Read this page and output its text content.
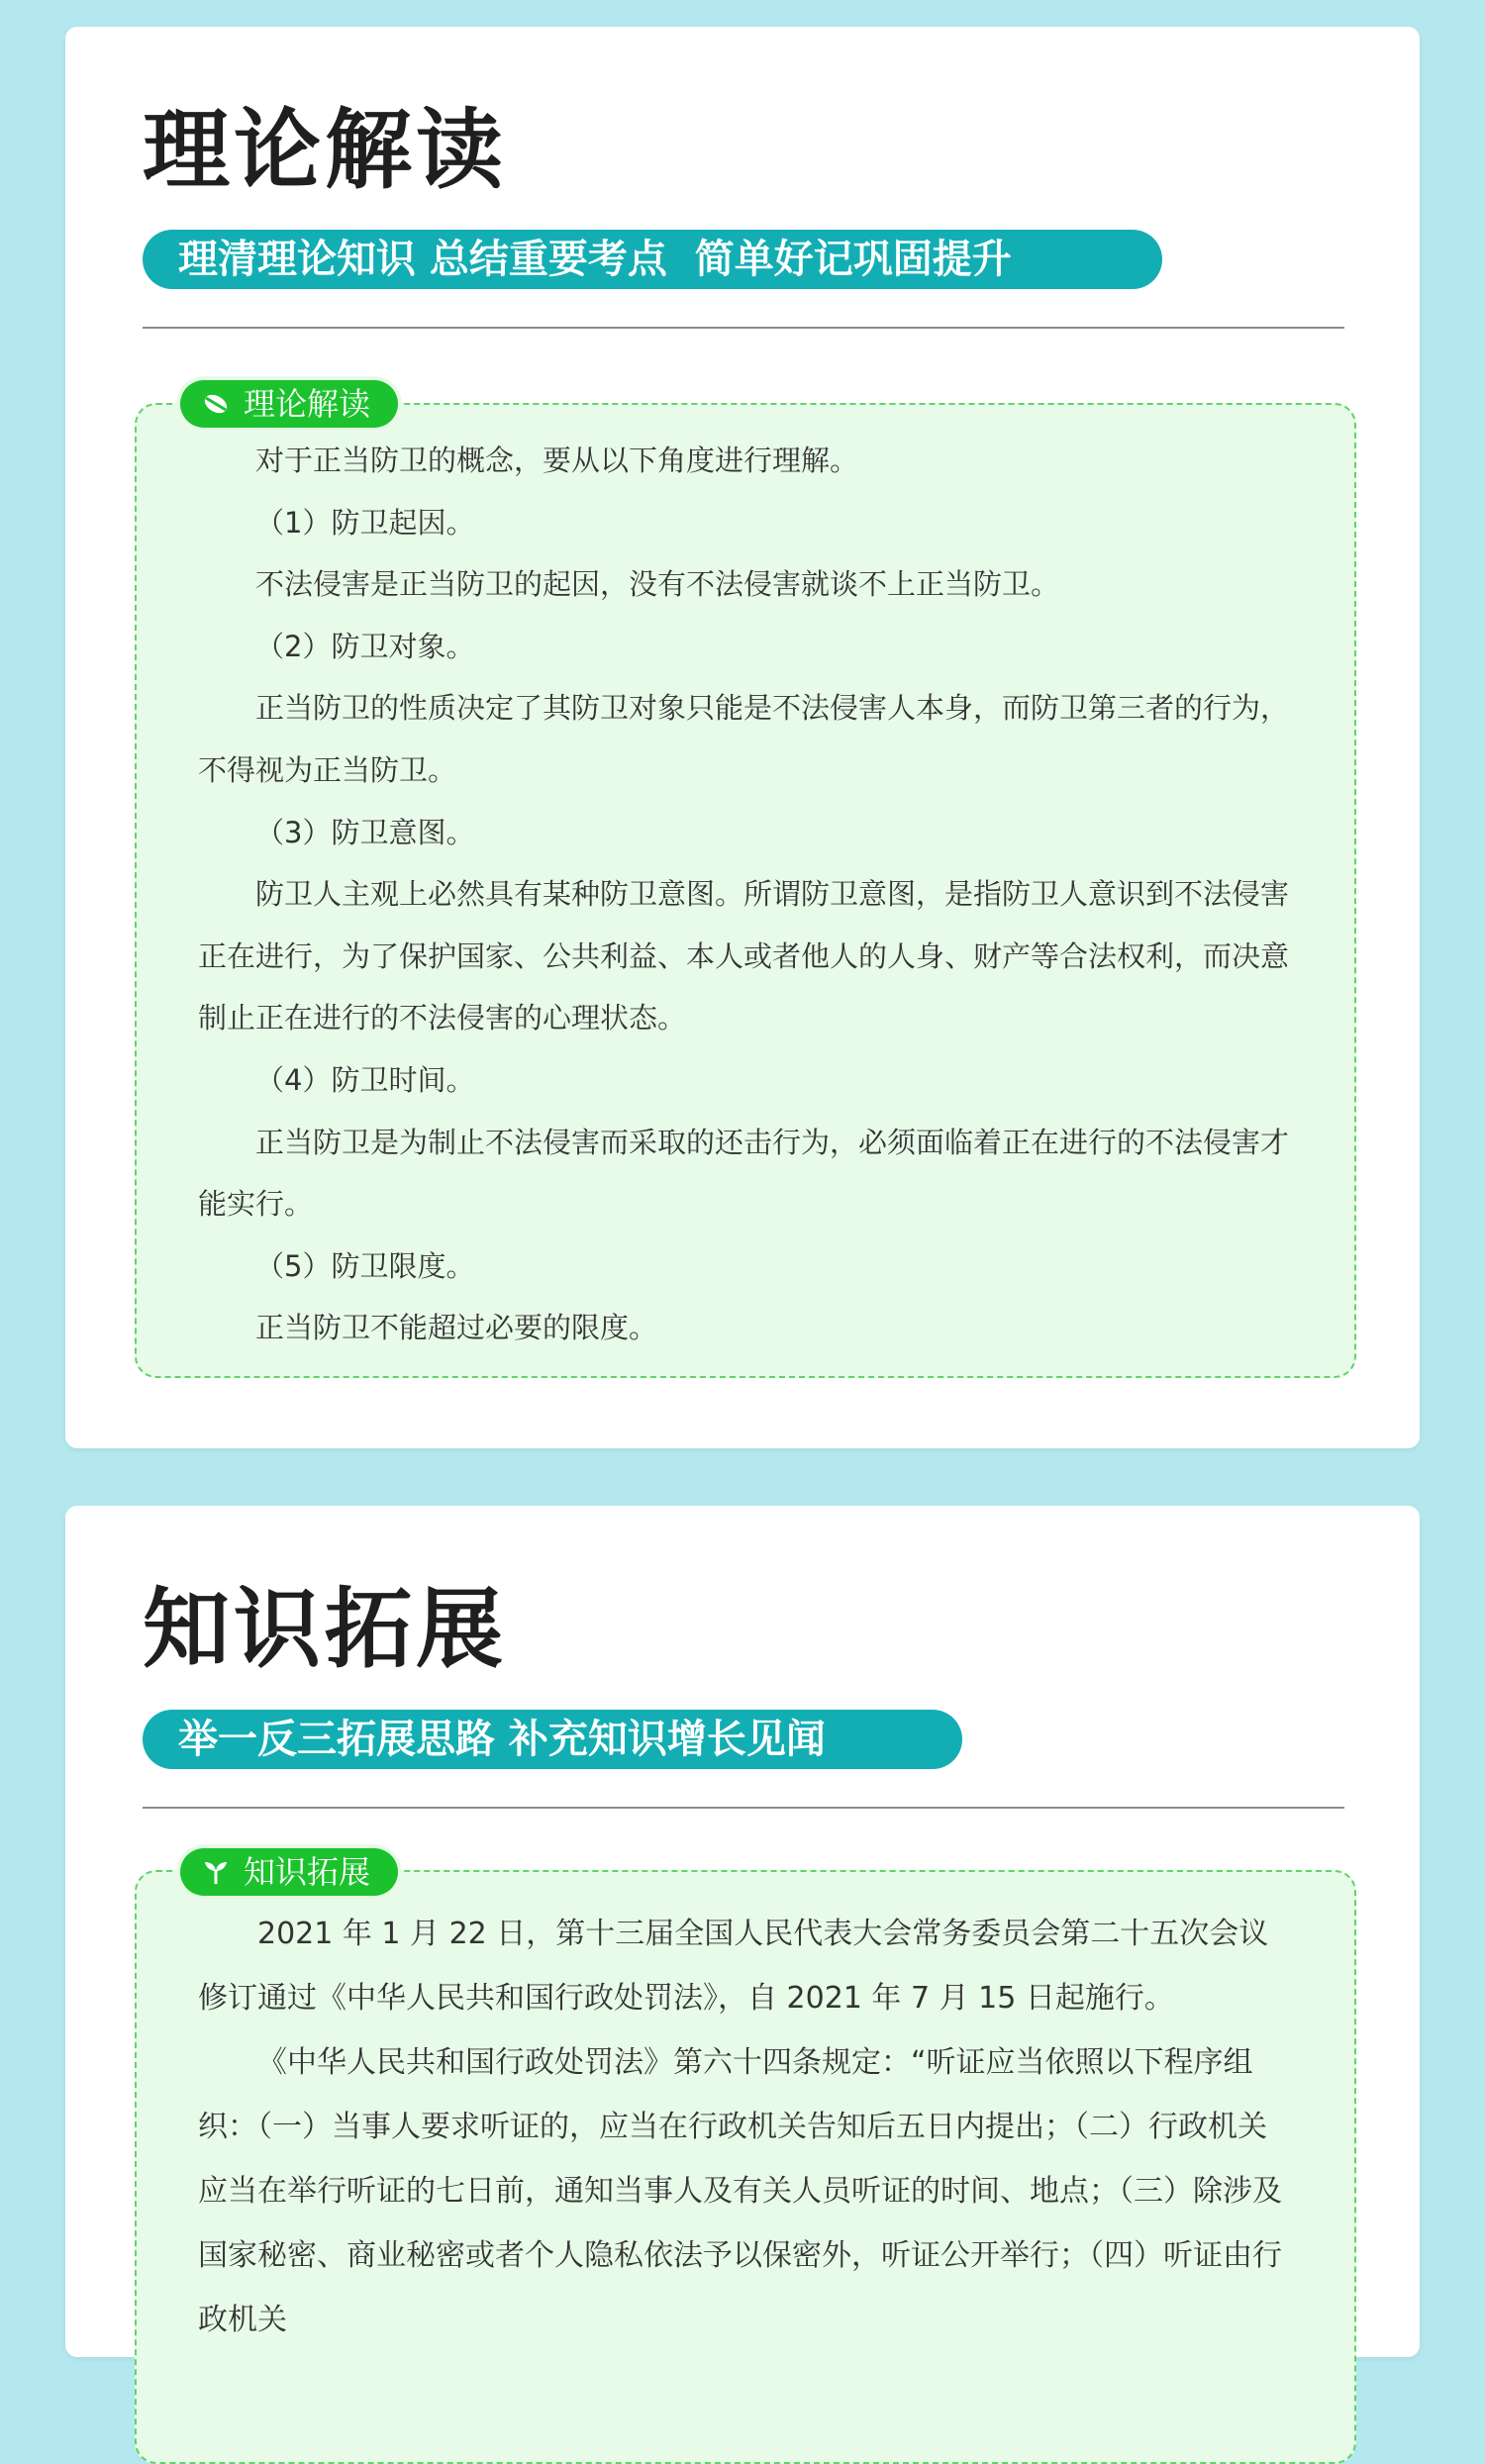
理论解读
理清理论知识 总结重要考点  简单好记巩固提升
理论解读

对于正当防卫的概念，要从以下角度进行理解。

（1）防卫起因。

不法侵害是正当防卫的起因，没有不法侵害就谈不上正当防卫。

（2）防卫对象。

正当防卫的性质决定了其防卫对象只能是不法侵害人本身，而防卫第三者的行为，不得视为正当防卫。

（3）防卫意图。

防卫人主观上必然具有某种防卫意图。所谓防卫意图，是指防卫人意识到不法侵害正在进行，为了保护国家、公共利益、本人或者他人的人身、财产等合法权利，而决意制止正在进行的不法侵害的心理状态。

（4）防卫时间。

正当防卫是为制止不法侵害而采取的还击行为，必须面临着正在进行的不法侵害才能实行。

（5）防卫限度。

正当防卫不能超过必要的限度。

知识拓展
举一反三拓展思路 补充知识增长见闻
知识拓展

2021 年 1 月 22 日，第十三届全国人民代表大会常务委员会第二十五次会议修订通过《中华人民共和国行政处罚法》，自 2021 年 7 月 15 日起施行。

《中华人民共和国行政处罚法》第六十四条规定：“听证应当依照以下程序组织：（一）当事人要求听证的，应当在行政机关告知后五日内提出；（二）行政机关应当在举行听证的七日前，通知当事人及有关人员听证的时间、地点；（三）除涉及国家秘密、商业秘密或者个人隐私依法予以保密外，听证公开举行；（四）听证由行政机关
